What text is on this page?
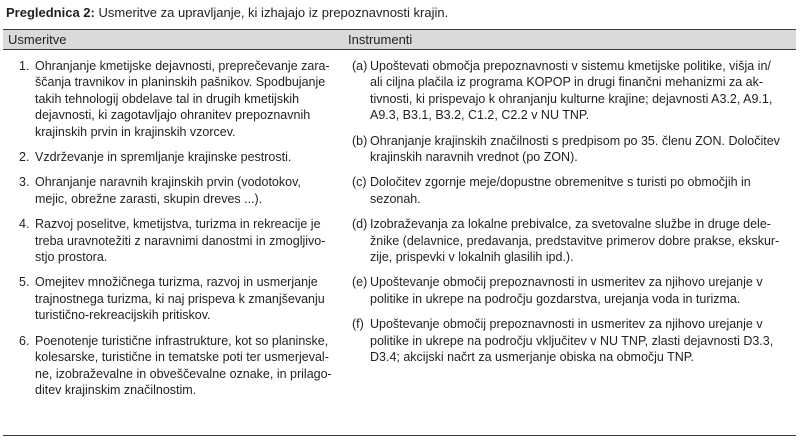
Preglednica 2: Usmeritve za upravljanje, ki izhajajo iz prepoznavnosti krajin.
Usmeritve	Instrumenti
1. Ohranjanje kmetijske dejavnosti, preprečevanje zara-
ščanja travnikov in planinskih pašnikov. Spodbujanje
takih tehnologij obdelave tal in drugih kmetijskih
dejavnosti, ki zagotavljajo ohranitev prepoznavnih
krajinskih prvin in krajinskih vzorcev.
2. Vzdrževanje in spremljanje krajinske pestrosti.
3. Ohranjanje naravnih krajinskih prvin (vodotokov,
mejic, obrežne zarasti, skupin dreves ...).
4. Razvoj poselitve, kmetijstva, turizma in rekreacije je
treba uravnotežiti z naravnimi danostmi in zmogljivo-
stjo prostora.
5. Omejitev množičnega turizma, razvoj in usmerjanje
trajnostnega turizma, ki naj prispeva k zmanjševanju
turistično-rekreacijskih pritiskov.
6. Poenotenje turistične infrastrukture, kot so planinske,
kolesarske, turistične in tematske poti ter usmerjeval-
ne, izobraževalne in obveščevalne oznake, in prilago-
ditev krajinskim značilnostim.
(a) Upoštevati območja prepoznavnosti v sistemu kmetijske politike, višja in/
ali ciljna plačila iz programa KOPOP in drugi finančni mehanizmi za ak-
tivnosti, ki prispevajo k ohranjanju kulturne krajine; dejavnosti A3.2, A9.1,
A9.3, B3.1, B3.2, C1.2, C2.2 v NU TNP.
(b) Ohranjanje krajinskih značilnosti s predpisom po 35. členu ZON. Določitev
krajinskih naravnih vrednot (po ZON).
(c) Določitev zgornje meje/dopustne obremenitve s turisti po območjih in
sezonah.
(d) Izobraževanja za lokalne prebivalce, za svetovalne službe in druge dele-
žnike (delavnice, predavanja, predstavitve primerov dobre prakse, ekskur-
zije, prispevki v lokalnih glasilih ipd.).
(e) Upoštevanje območij prepoznavnosti in usmeritev za njihovo urejanje v
politike in ukrepe na področju gozdarstva, urejanja voda in turizma.
(f) Upoštevanje območij prepoznavnosti in usmeritev za njihovo urejanje v
politike in ukrepe na področju vključitev v NU TNP, zlasti dejavnosti D3.3,
D3.4; akcijski načrt za usmerjanje obiska na območju TNP.
